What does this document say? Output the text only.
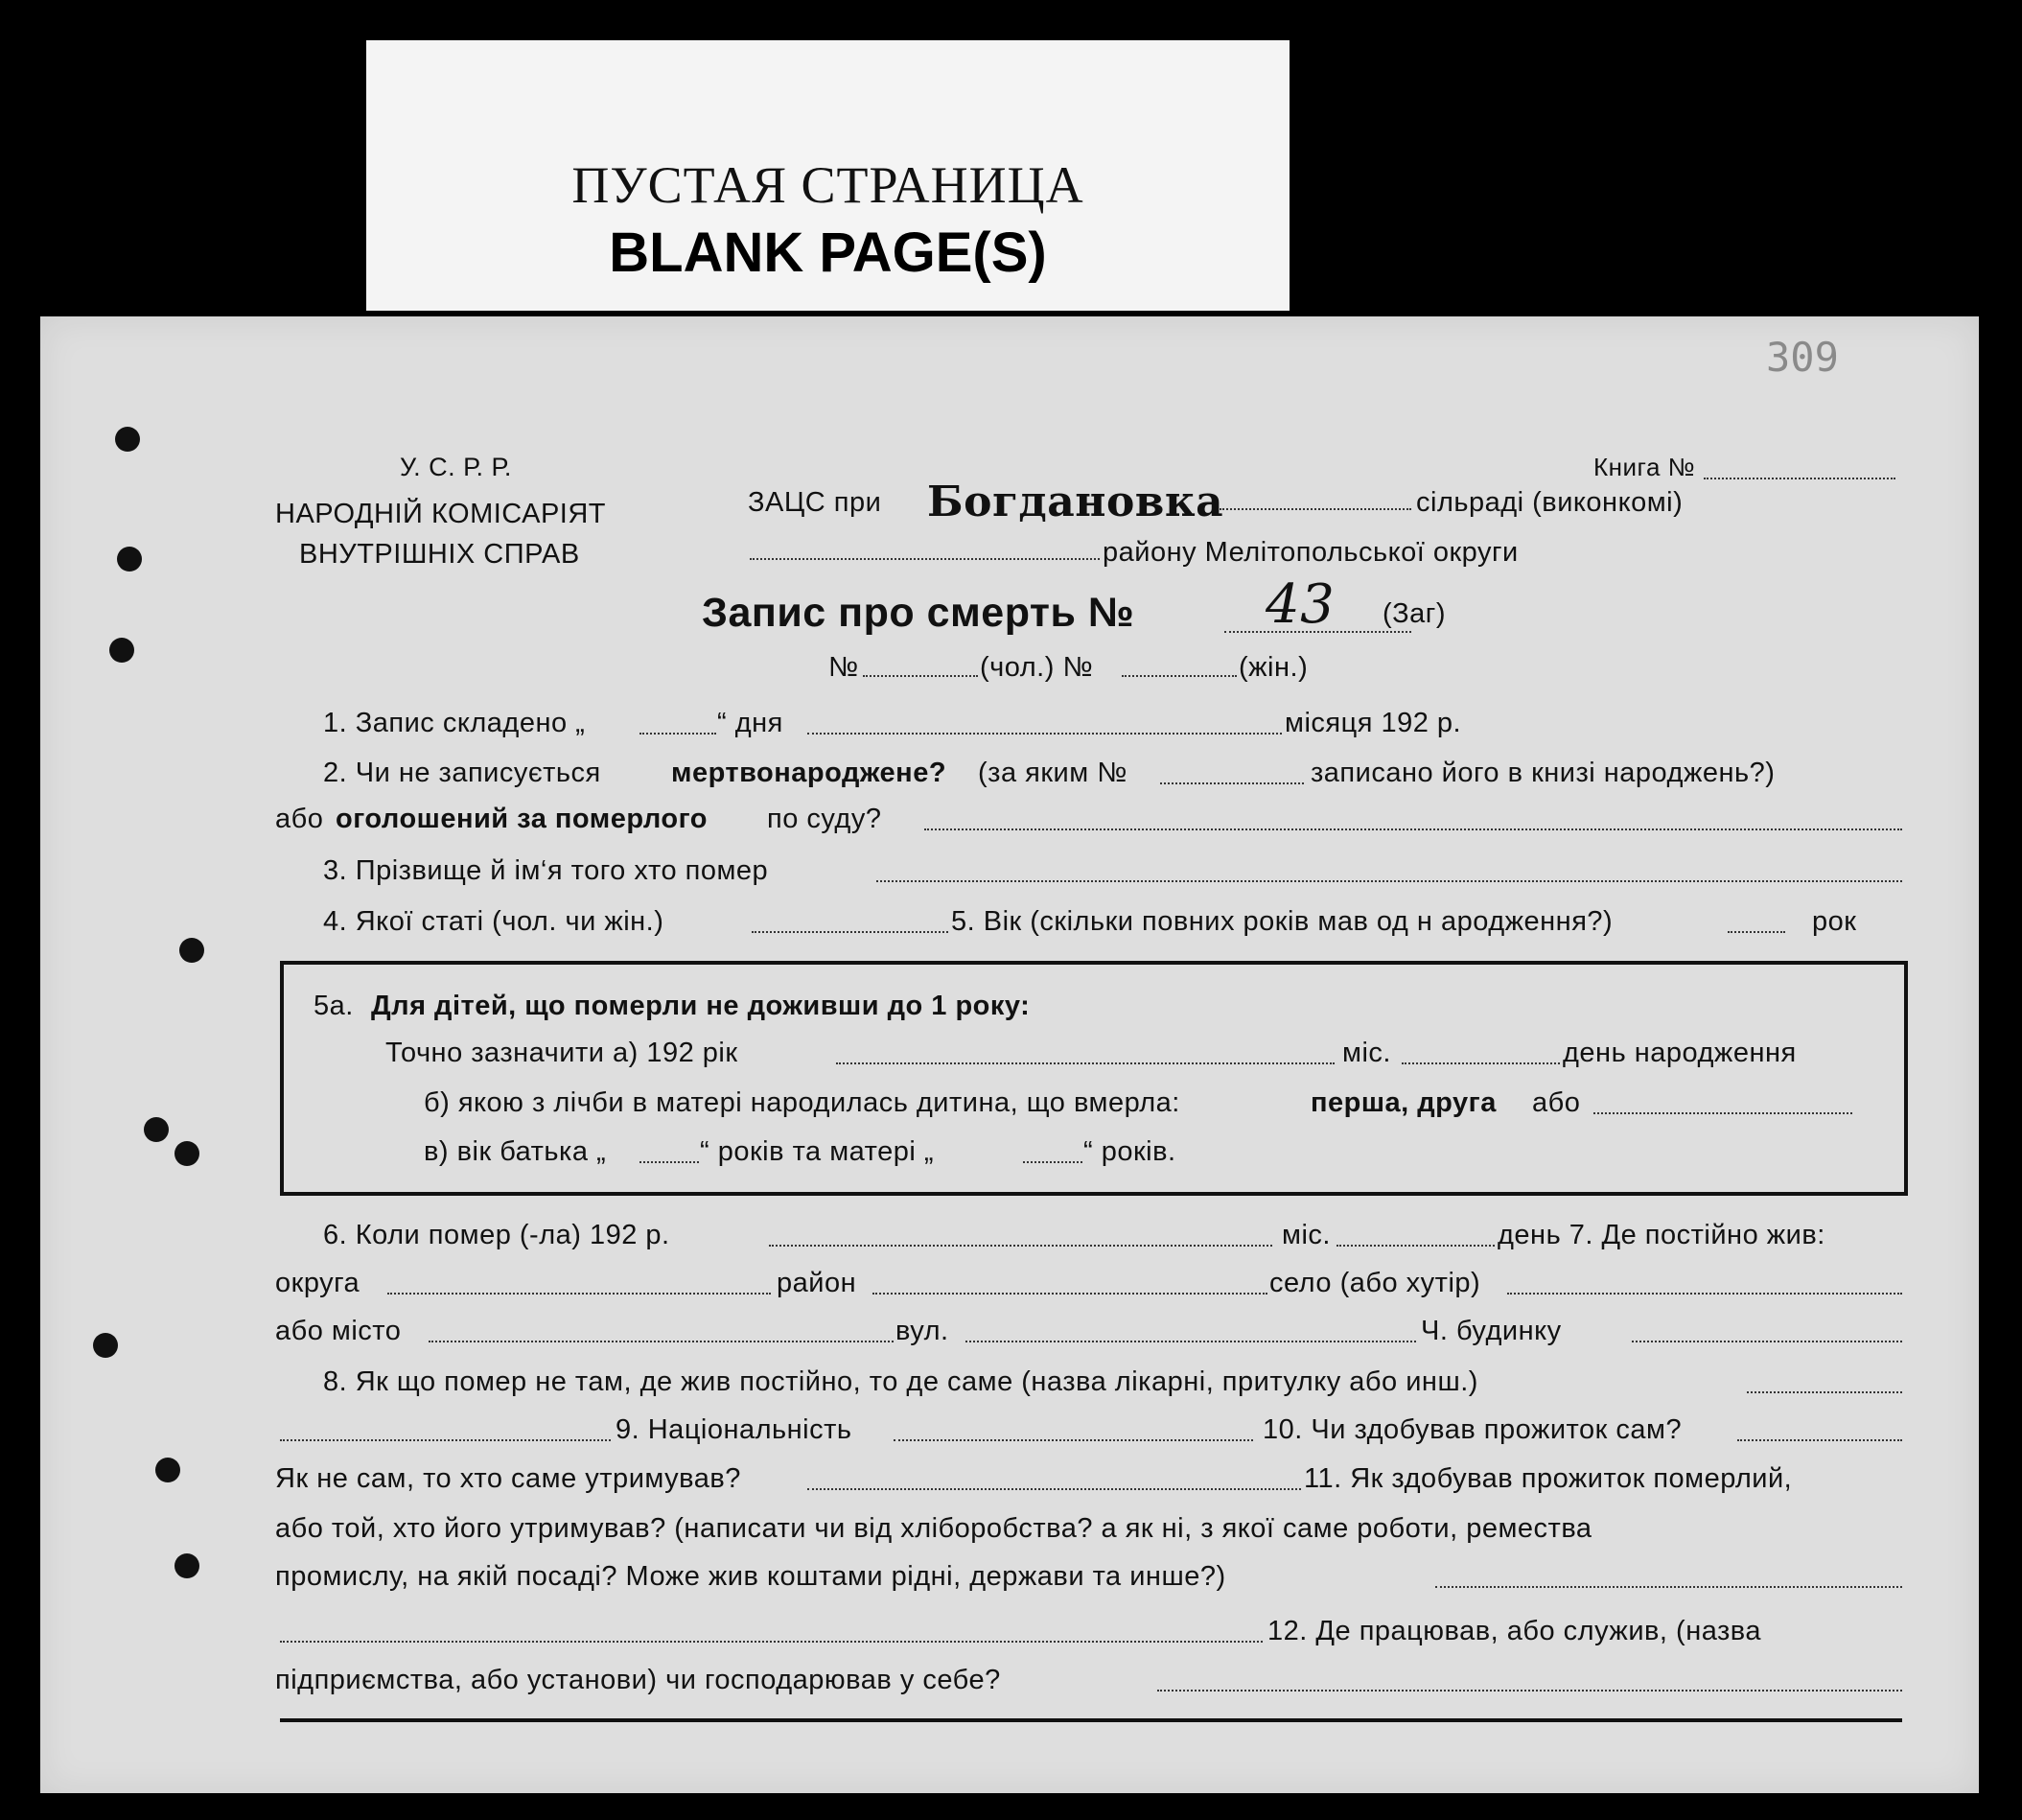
ПУСТАЯ СТРАНИЦА
BLANK PAGE(S)
309
У. С. Р. Р.
НАРОДНІЙ КОМІСАРІЯТ
ВНУТРІШНІХ СПРАВ
Книга №
ЗАЦС при Богдановка	сільраді (виконкомі)
району Мелітопольської округи
Запис про смерть № 43 (Заг)
№	(чол.) №	(жін.)
1. Запис складено „	“ дня	місяця 192 р.
2. Чи не записується	мертвонароджене? (за яким №	записано його в книзі народжень?)
або оголошений за померлого по суду?
3. Прізвище й ім‘я того хто помер
4. Якої статі (чол. чи жін.)	5. Вік (скільки повних років мав од н ародження?)	рок
5а. Для дітей, що померли не доживши до 1 року:
Точно зазначити а) 192 рік	міс.	день народження
б) якою з лічби в матері народилась дитина, що вмерла:	перша, друга або
в) вік батька „	“ років та матері „	“ років.
6. Коли помер (-ла) 192 р.	міс.	день 7. Де постійно жив:
округа	район	село (або хутір)
або місто	вул.	Ч. будинку
8. Як що помер не там, де жив постійно, то де саме (назва лікарні, притулку або инш.)
9. Національність	10. Чи здобував прожиток сам?
Як не сам, то хто саме утримував?	11. Як здобував прожиток померлий,
або той, хто його утримував? (написати чи від хліборобства? а як ні, з якої саме роботи, ремества
промислу, на якій посаді? Може жив коштами рідні, держави та инше?)
12. Де працював, або служив, (назва
підприємства, або установи) чи господарював у себе?
